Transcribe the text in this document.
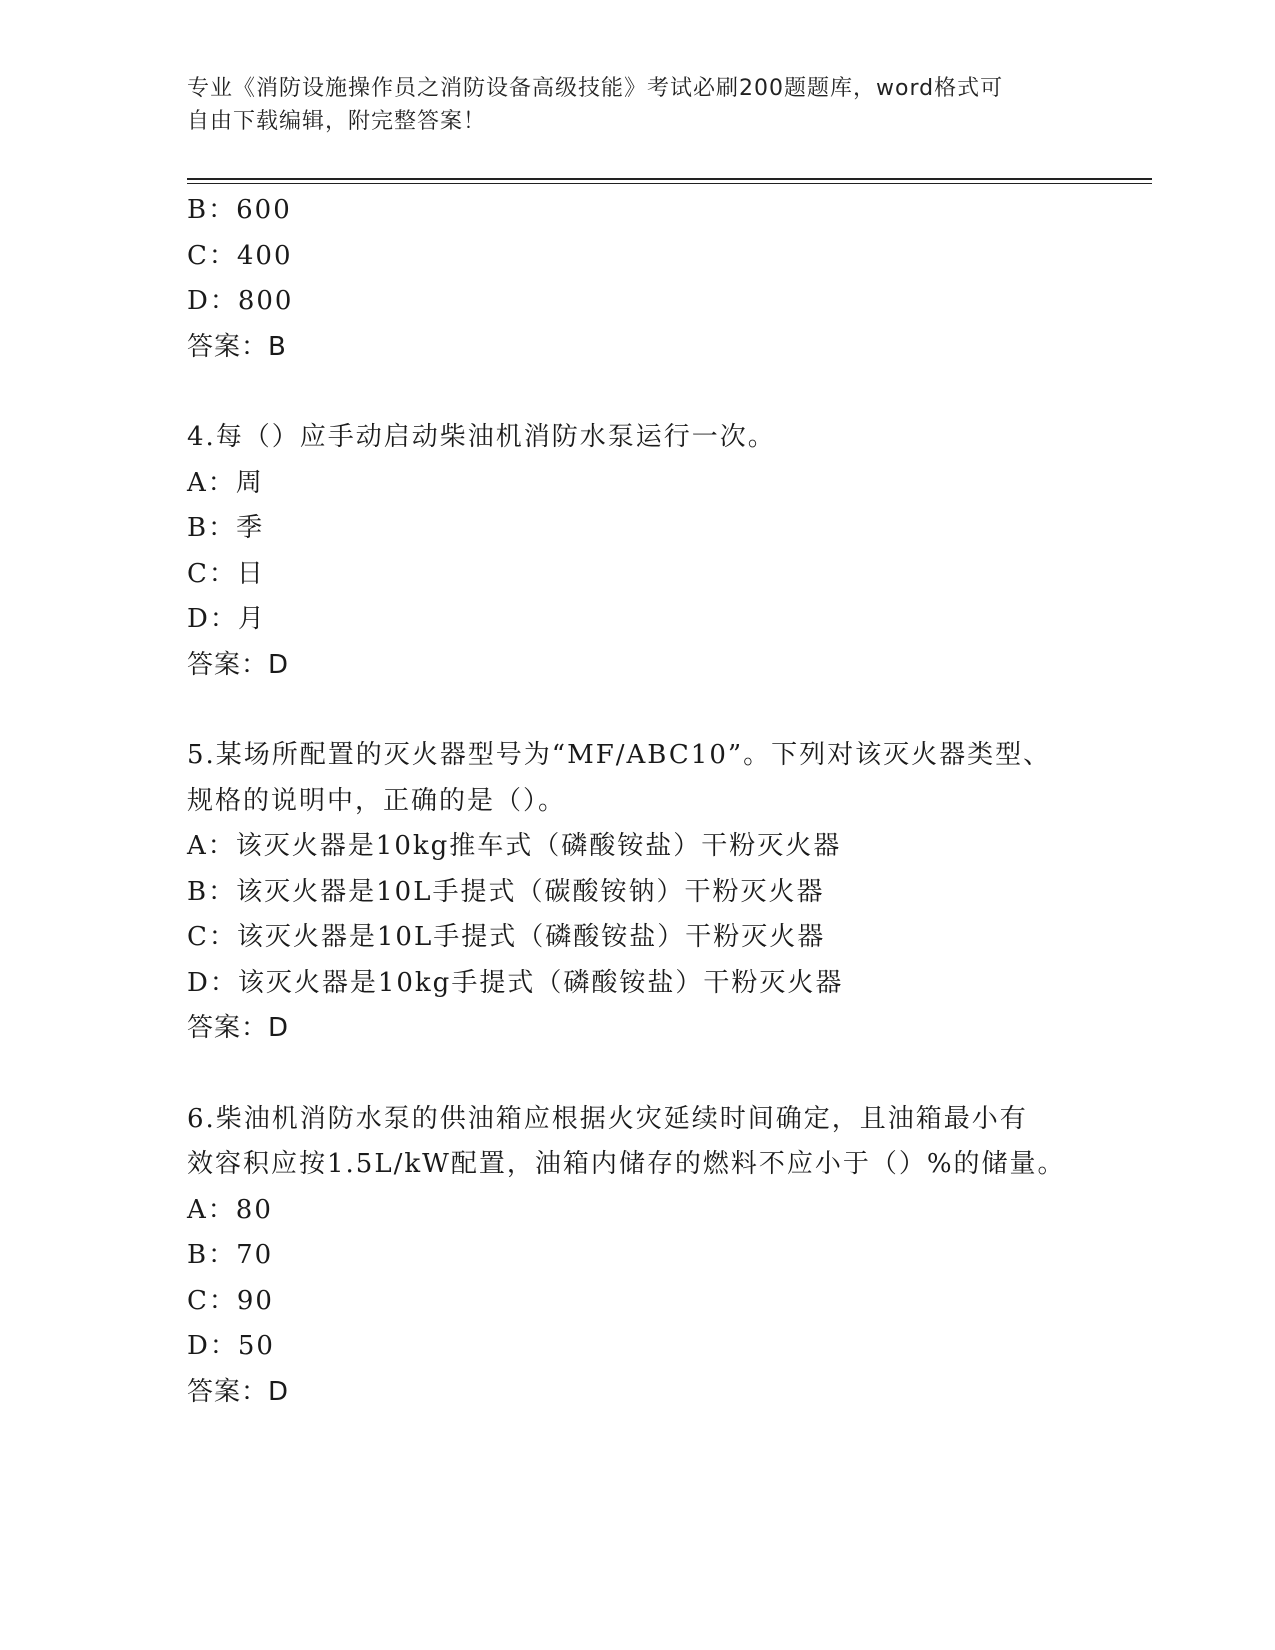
专业《消防设施操作员之消防设备高级技能》考试必刷200题题库，word格式可
自由下载编辑，附完整答案！
B：600
C：400
D：800
答案：B
4.每（）应手动启动柴油机消防水泵运行一次。
A：周
B：季
C：日
D：月
答案：D
5.某场所配置的灭火器型号为“MF/ABC10”。下列对该灭火器类型、
规格的说明中，正确的是（）。
A：该灭火器是10kg推车式（磷酸铵盐）干粉灭火器
B：该灭火器是10L手提式（碳酸铵钠）干粉灭火器
C：该灭火器是10L手提式（磷酸铵盐）干粉灭火器
D：该灭火器是10kg手提式（磷酸铵盐）干粉灭火器
答案：D
6.柴油机消防水泵的供油箱应根据火灾延续时间确定，且油箱最小有
效容积应按1.5L/kW配置，油箱内储存的燃料不应小于（）%的储量。
A：80
B：70
C：90
D：50
答案：D
